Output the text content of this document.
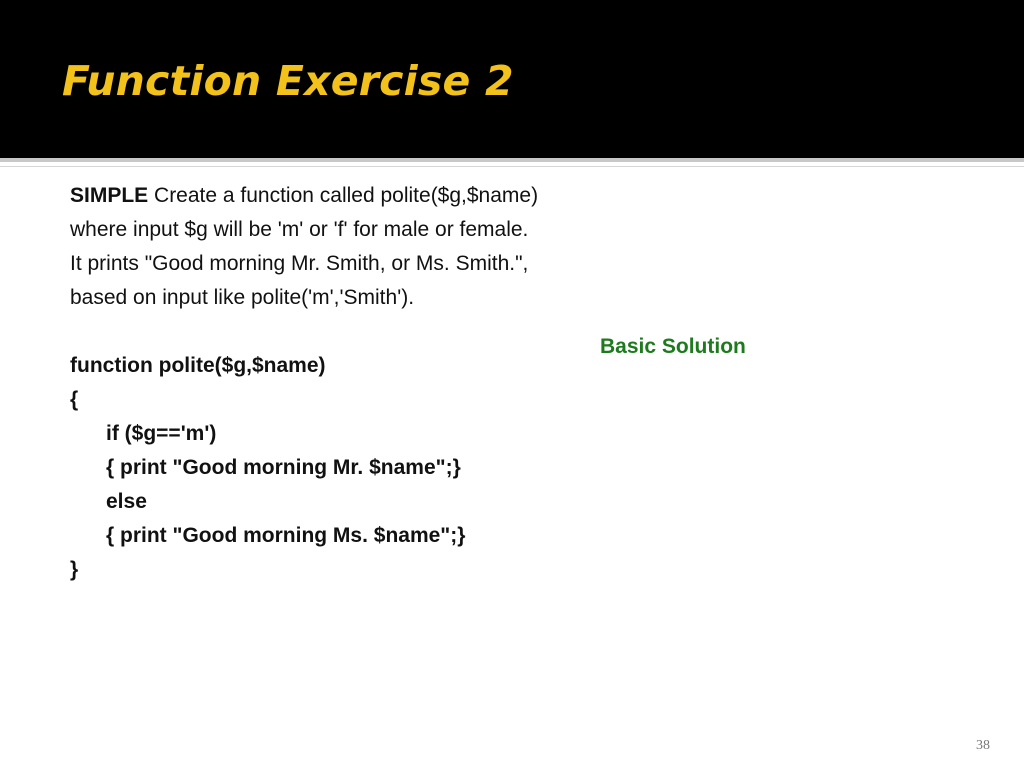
Function Exercise 2
SIMPLE Create a function called polite($g,$name)
where input $g will be 'm' or 'f' for male or female.
It prints "Good morning Mr. Smith, or Ms. Smith.",
based on input like polite('m','Smith').
function polite($g,$name)
{
if ($g=='m')
{ print "Good morning Mr. $name";}
else
{ print "Good morning Ms. $name";}
}
Basic Solution
38
